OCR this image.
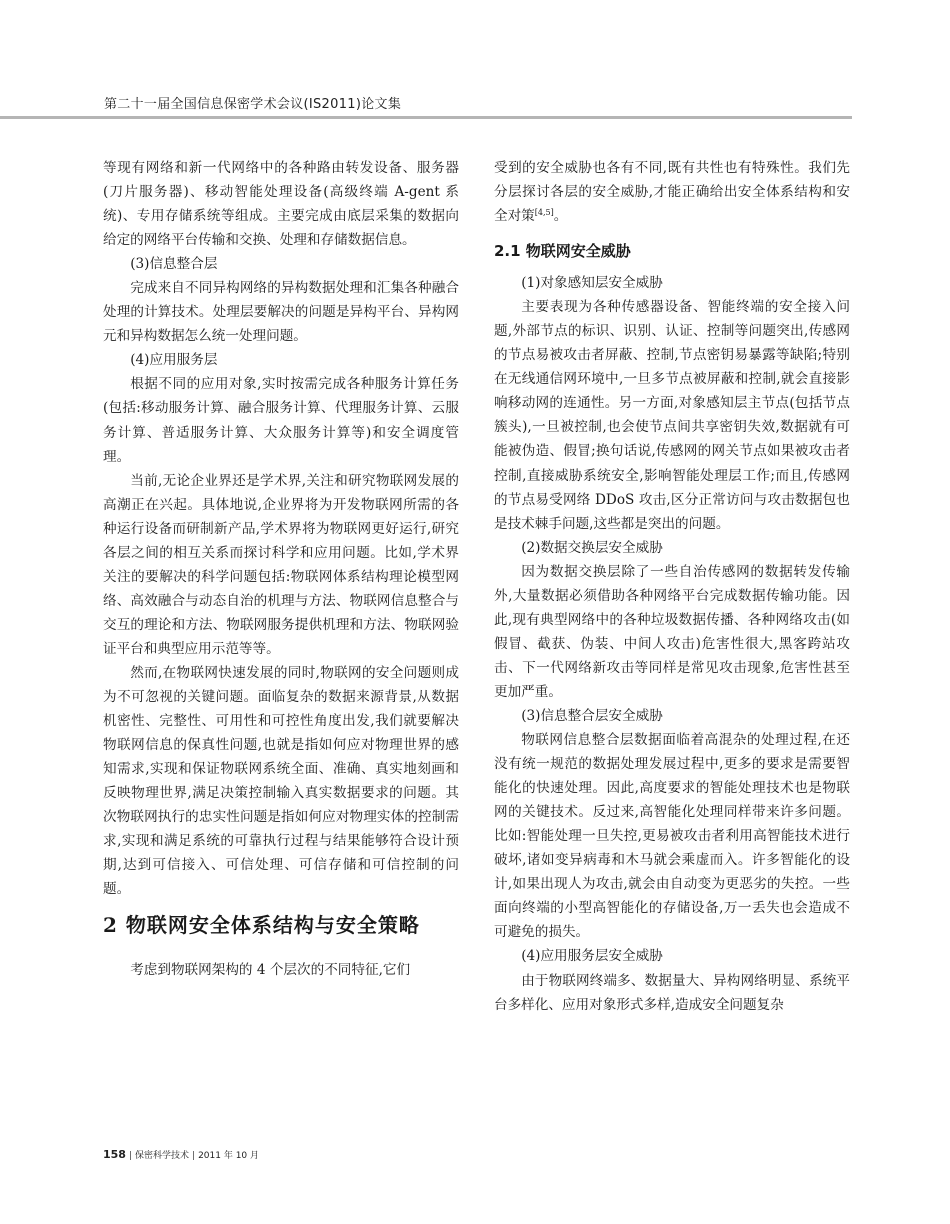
第二十一届全国信息保密学术会议(IS2011)论文集

等现有网络和新一代网络中的各种路由转发设备、服务器(刀片服务器)、移动智能处理设备(高级终端 A-gent 系统)、专用存储系统等组成。主要完成由底层采集的数据向给定的网络平台传输和交换、处理和存储数据信息。

(3)信息整合层

完成来自不同异构网络的异构数据处理和汇集各种融合处理的计算技术。处理层要解决的问题是异构平台、异构网元和异构数据怎么统一处理问题。

(4)应用服务层

根据不同的应用对象,实时按需完成各种服务计算任务(包括:移动服务计算、融合服务计算、代理服务计算、云服务计算、普适服务计算、大众服务计算等)和安全调度管理。

当前,无论企业界还是学术界,关注和研究物联网发展的高潮正在兴起。具体地说,企业界将为开发物联网所需的各种运行设备而研制新产品,学术界将为物联网更好运行,研究各层之间的相互关系而探讨科学和应用问题。比如,学术界关注的要解决的科学问题包括:物联网体系结构理论模型网络、高效融合与动态自治的机理与方法、物联网信息整合与交互的理论和方法、物联网服务提供机理和方法、物联网验证平台和典型应用示范等等。

然而,在物联网快速发展的同时,物联网的安全问题则成为不可忽视的关键问题。面临复杂的数据来源背景,从数据机密性、完整性、可用性和可控性角度出发,我们就要解决物联网信息的保真性问题,也就是指如何应对物理世界的感知需求,实现和保证物联网系统全面、准确、真实地刻画和反映物理世界,满足决策控制输入真实数据要求的问题。其次物联网执行的忠实性问题是指如何应对物理实体的控制需求,实现和满足系统的可靠执行过程与结果能够符合设计预期,达到可信接入、可信处理、可信存储和可信控制的问题。

2 物联网安全体系结构与安全策略

考虑到物联网架构的 4 个层次的不同特征,它们

受到的安全威胁也各有不同,既有共性也有特殊性。我们先分层探讨各层的安全威胁,才能正确给出安全体系结构和安全对策[4,5]。

2.1 物联网安全威胁

(1)对象感知层安全威胁

主要表现为各种传感器设备、智能终端的安全接入问题,外部节点的标识、识别、认证、控制等问题突出,传感网的节点易被攻击者屏蔽、控制,节点密钥易暴露等缺陷;特别在无线通信网环境中,一旦多节点被屏蔽和控制,就会直接影响移动网的连通性。另一方面,对象感知层主节点(包括节点簇头),一旦被控制,也会使节点间共享密钥失效,数据就有可能被伪造、假冒;换句话说,传感网的网关节点如果被攻击者控制,直接威胁系统安全,影响智能处理层工作;而且,传感网的节点易受网络 DDoS 攻击,区分正常访问与攻击数据包也是技术棘手问题,这些都是突出的问题。

(2)数据交换层安全威胁

因为数据交换层除了一些自治传感网的数据转发传输外,大量数据必须借助各种网络平台完成数据传输功能。因此,现有典型网络中的各种垃圾数据传播、各种网络攻击(如假冒、截获、伪装、中间人攻击)危害性很大,黑客跨站攻击、下一代网络新攻击等同样是常见攻击现象,危害性甚至更加严重。

(3)信息整合层安全威胁

物联网信息整合层数据面临着高混杂的处理过程,在还没有统一规范的数据处理发展过程中,更多的要求是需要智能化的快速处理。因此,高度要求的智能处理技术也是物联网的关键技术。反过来,高智能化处理同样带来许多问题。比如:智能处理一旦失控,更易被攻击者利用高智能技术进行破坏,诸如变异病毒和木马就会乘虚而入。许多智能化的设计,如果出现人为攻击,就会由自动变为更恶劣的失控。一些面向终端的小型高智能化的存储设备,万一丢失也会造成不可避免的损失。

(4)应用服务层安全威胁

由于物联网终端多、数据量大、异构网络明显、系统平台多样化、应用对象形式多样,造成安全问题复杂

158 | 保密科学技术 | 2011 年 10 月
